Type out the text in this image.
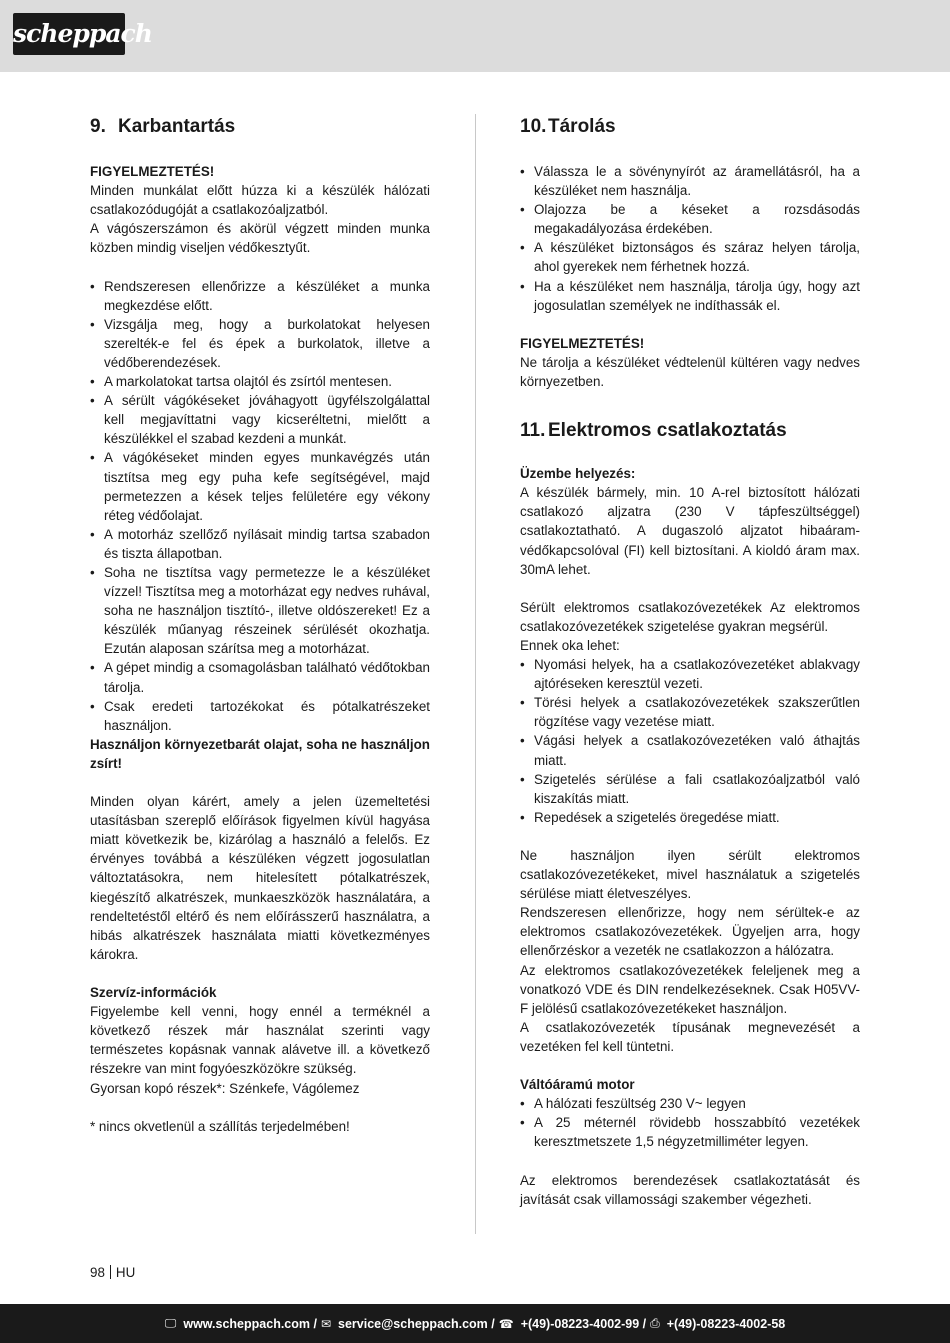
scheppach
9. Karbantartás

FIGYELMEZTETÉS!

Minden munkálat előtt húzza ki a készülék hálózati csatlakozódugóját a csatlakozóaljzatból.

A vágószerszámon és akörül végzett minden munka közben mindig viseljen védőkesztyűt.

• Rendszeresen ellenőrizze a készüléket a munka megkezdése előtt.
• Vizsgálja meg, hogy a burkolatokat helyesen szerelték-e fel és épek a burkolatok, illetve a védőberendezések.
• A markolatokat tartsa olajtól és zsírtól mentesen.
• A sérült vágókéseket jóváhagyott ügyfélszolgálattal kell megjavíttatni vagy kicseréltetni, mielőtt a készülékkel el szabad kezdeni a munkát.
• A vágókéseket minden egyes munkavégzés után tisztítsa meg egy puha kefe segítségével, majd permetezzen a kések teljes felületére egy vékony réteg védőolajat.
• A motorház szellőző nyílásait mindig tartsa szabadon és tiszta állapotban.
• Soha ne tisztítsa vagy permetezze le a készüléket vízzel! Tisztítsa meg a motorházat egy nedves ruhával, soha ne használjon tisztító-, illetve oldószereket! Ez a készülék műanyag részeinek sérülését okozhatja. Ezután alaposan szárítsa meg a motorházat.
• A gépet mindig a csomagolásban található védőtokban tárolja.
• Csak eredeti tartozékokat és pótalkatrészeket használjon.

Használjon környezetbarát olajat, soha ne használjon zsírt!

Minden olyan kárért, amely a jelen üzemeltetési utasításban szereplő előírások figyelmen kívül hagyása miatt következik be, kizárólag a használó a felelős. Ez érvényes továbbá a készüléken végzett jogosulatlan változtatásokra, nem hitelesített pótalkatrészek, kiegészítő alkatrészek, munkaeszközök használatára, a rendeltetéstől eltérő és nem előírásszerű használatra, a hibás alkatrészek használata miatti következményes károkra.

Szervíz-információk

Figyelembe kell venni, hogy ennél a terméknél a következő részek már használat szerinti vagy természetes kopásnak vannak alávetve ill. a következő részekre van mint fogyóeszközökre szükség.

Gyorsan kopó részek*: Szénkefe, Vágólemez

* nincs okvetlenül a szállítás terjedelmében!

10. Tárolás
• Válassza le a sövénynyírót az áramellátásról, ha a készüléket nem használja.
• Olajozza be a késeket a rozsdásodás megakadályozása érdekében.
• A készüléket biztonságos és száraz helyen tárolja, ahol gyerekek nem férhetnek hozzá.
• Ha a készüléket nem használja, tárolja úgy, hogy azt jogosulatlan személyek ne indíthassák el.

FIGYELMEZTETÉS!

Ne tárolja a készüléket védtelenül kültéren vagy nedves környezetben.

11. Elektromos csatlakoztatás

Üzembe helyezés:

A készülék bármely, min. 10 A-rel biztosított hálózati csatlakozó aljzatra (230 V tápfeszültséggel) csatlakoztatható. A dugaszoló aljzatot hibaáram-védőkapcsolóval (FI) kell biztosítani. A kioldó áram max. 30mA lehet.

Sérült elektromos csatlakozóvezetékek Az elektromos csatlakozóvezetékek szigetelése gyakran megsérül.

Ennek oka lehet:

• Nyomási helyek, ha a csatlakozóvezetéket ablakvagy ajtóréseken keresztül vezeti.
• Törési helyek a csatlakozóvezetékek szakszerűtlen rögzítése vagy vezetése miatt.
• Vágási helyek a csatlakozóvezetéken való áthajtás miatt.
• Szigetelés sérülése a fali csatlakozóaljzatból való kiszakítás miatt.
• Repedések a szigetelés öregedése miatt.

Ne használjon ilyen sérült elektromos csatlakozóvezetékeket, mivel használatuk a szigetelés sérülése miatt életveszélyes.

Rendszeresen ellenőrizze, hogy nem sérültek-e az elektromos csatlakozóvezetékek. Ügyeljen arra, hogy ellenőrzéskor a vezeték ne csatlakozzon a hálózatra.

Az elektromos csatlakozóvezetékek feleljenek meg a vonatkozó VDE és DIN rendelkezéseknek. Csak H05VV-F jelölésű csatlakozóvezetékeket használjon.

A csatlakozóvezeték típusának megnevezését a vezetéken fel kell tüntetni.

Váltóáramú motor

• A hálózati feszültség 230 V~ legyen
• A 25 méternél rövidebb hosszabbító vezetékek keresztmetszete 1,5 négyzetmilliméter legyen.

Az elektromos berendezések csatlakoztatását és javítását csak villamossági szakember végezheti.

98 HU
🖵 www.scheppach.com / ✉ service@scheppach.com / ☎ +(49)-08223-4002-99 / ⎙ +(49)-08223-4002-58
